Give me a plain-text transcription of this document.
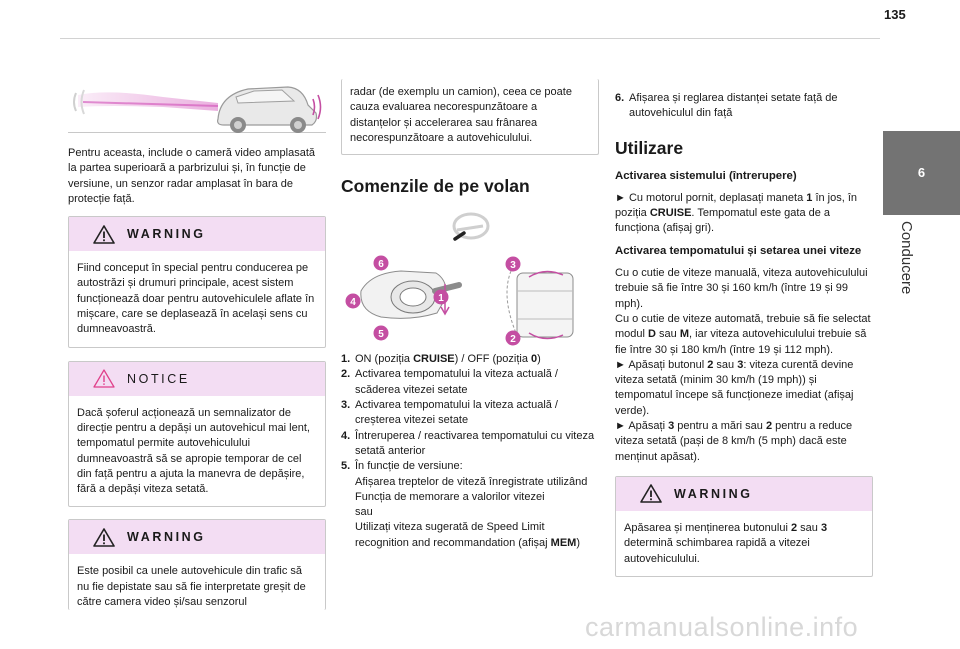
135
6
Conducere

Pentru aceasta, include o cameră video amplasată la partea superioară a parbrizului și, în funcție de versiune, un senzor radar amplasat în bara de protecție față.

WARNING

Fiind conceput în special pentru conducerea pe autostrăzi și drumuri principale, acest sistem funcționează doar pentru autovehiculele aflate în mișcare, care se deplasează în același sens cu dumneavoastră.

NOTICE

Dacă șoferul acționează un semnalizator de direcție pentru a depăși un autovehicul mai lent, tempomatul permite autovehiculului dumneavoastră să se apropie temporar de cel din față pentru a ajuta la manevra de depășire, fără a depăși viteza setată.

WARNING

Este posibil ca unele autovehicule din trafic să nu fie depistate sau să fie interpretate greșit de către camera video și/sau senzorul

radar (de exemplu un camion), ceea ce poate cauza evaluarea necorespunzătoare a distanțelor și accelerarea sau frânarea necorespunzătoare a autovehiculului.

Comenzile de pe volan
6
4
5
1
3
2
1. ON (poziția CRUISE) / OFF (poziția 0)
2. Activarea tempomatului la viteza actuală / scăderea vitezei setate
3. Activarea tempomatului la viteza actuală / creșterea vitezei setate
4. Întreruperea / reactivarea tempomatului cu viteza setată anterior
5. În funcție de versiune:
Afișarea treptelor de viteză înregistrate utilizând Funcția de memorare a valorilor vitezei
sau
Utilizați viteza sugerată de Speed Limit recognition and recommandation (afișaj MEM)
6. Afișarea și reglarea distanței setate față de autovehiculul din față
Utilizare
Activarea sistemului (întrerupere)

► Cu motorul pornit, deplasați maneta 1 în jos, în poziția CRUISE. Tempomatul este gata de a funcționa (afișaj gri).

Activarea tempomatului și setarea unei viteze

Cu o cutie de viteze manuală, viteza autovehiculului trebuie să fie între 30 și 160 km/h (între 19 și 99 mph).

Cu o cutie de viteze automată, trebuie să fie selectat modul D sau M, iar viteza autovehiculului trebuie să fie între 30 și 180 km/h (între 19 și 112 mph).

► Apăsați butonul 2 sau 3: viteza curentă devine viteza setată (minim 30 km/h (19 mph)) și tempomatul începe să funcționeze imediat (afișaj verde).

► Apăsați 3 pentru a mări sau 2 pentru a reduce viteza setată (pași de 8 km/h (5 mph) dacă este menținut apăsat).

WARNING

Apăsarea și menținerea butonului 2 sau 3 determină schimbarea rapidă a vitezei autovehiculului.

carmanualsonline.info
